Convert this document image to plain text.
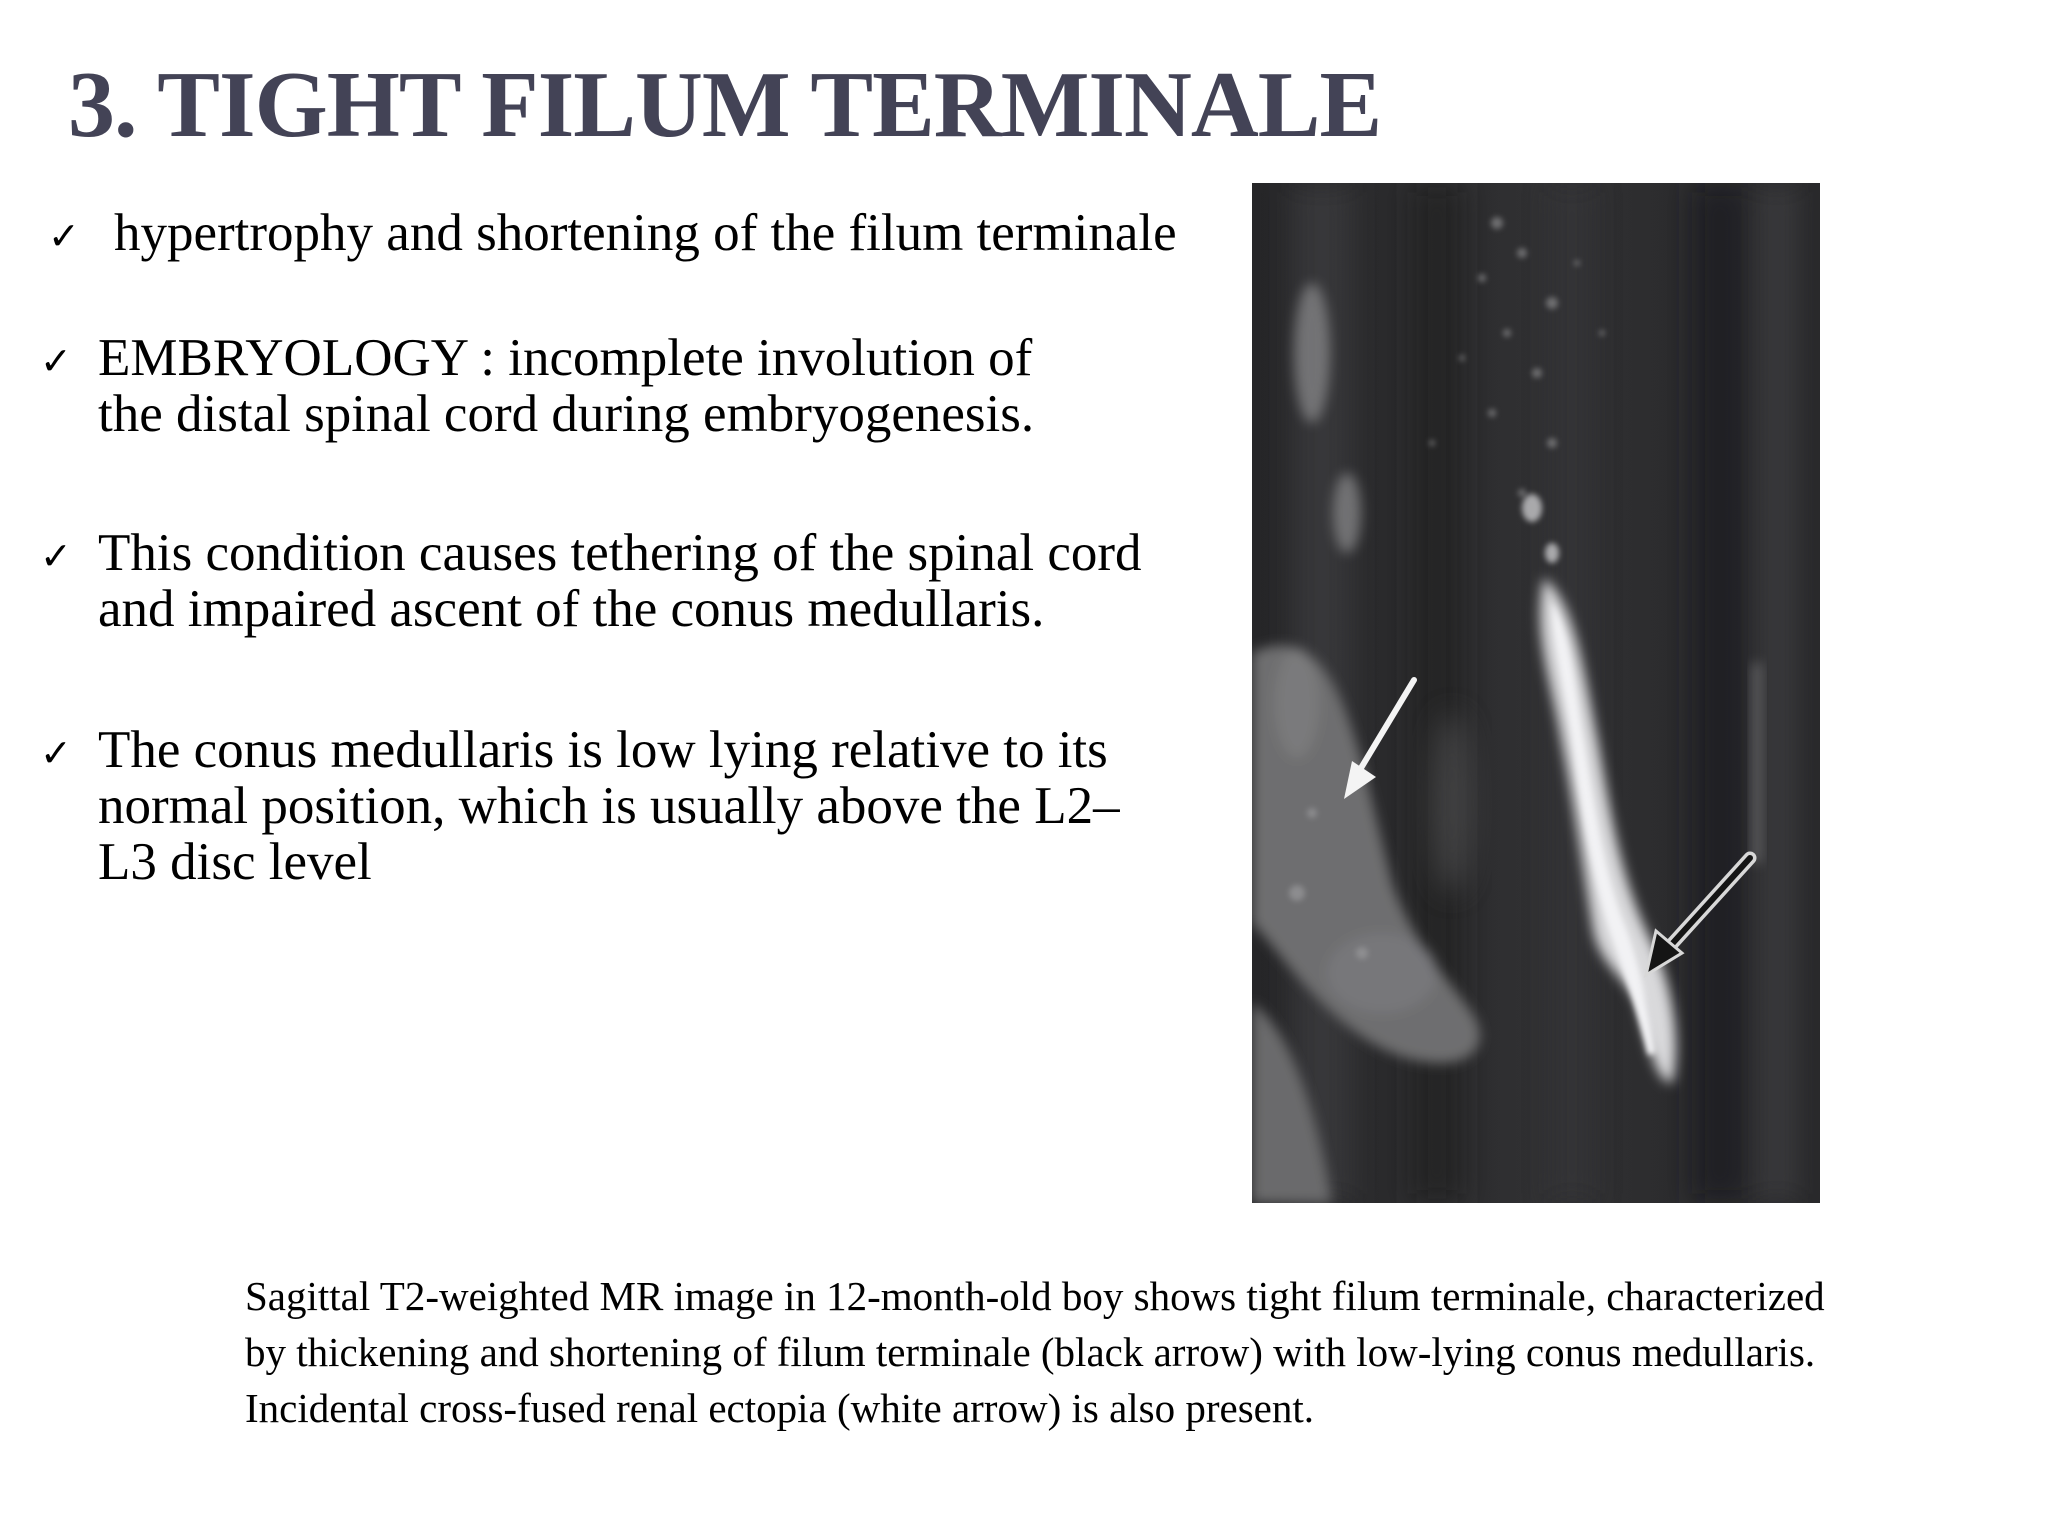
3. TIGHT FILUM TERMINALE
✓ hypertrophy and shortening of the filum terminale
✓ EMBRYOLOGY : incomplete involution of
the distal spinal cord during embryogenesis.
✓ This condition causes tethering of the spinal cord
and impaired ascent of the conus medullaris.
✓ The conus medullaris is low lying relative to its
normal position, which is usually above the L2–
L3 disc level

Sagittal T2-weighted MR image in 12-month-old boy shows tight filum terminale, characterized
by thickening and shortening of filum terminale (black arrow) with low-lying conus medullaris.
Incidental cross-fused renal ectopia (white arrow) is also present.
